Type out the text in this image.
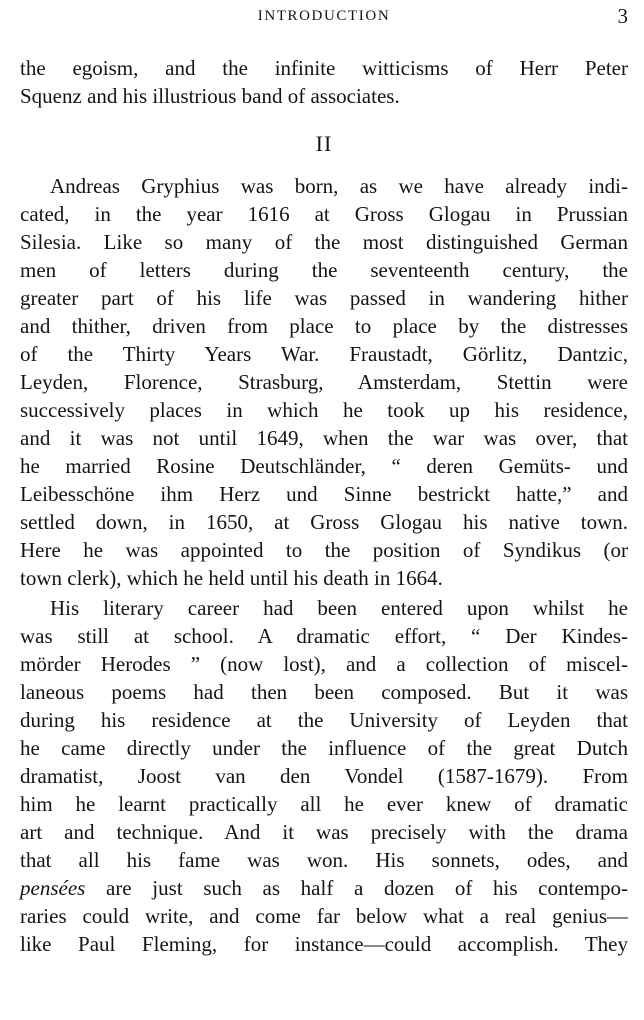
INTRODUCTION	3
the egoism, and the infinite witticisms of Herr Peter
Squenz and his illustrious band of associates.
II
Andreas Gryphius was born, as we have already indi-
cated, in the year 1616 at Gross Glogau in Prussian
Silesia. Like so many of the most distinguished German
men of letters during the seventeenth century, the
greater part of his life was passed in wandering hither
and thither, driven from place to place by the distresses
of the Thirty Years War. Fraustadt, Görlitz, Dantzic,
Leyden, Florence, Strasburg, Amsterdam, Stettin were
successively places in which he took up his residence,
and it was not until 1649, when the war was over, that
he married Rosine Deutschländer, “ deren Gemüts- und
Leibesschöne ihm Herz und Sinne bestrickt hatte,” and
settled down, in 1650, at Gross Glogau his native town.
Here he was appointed to the position of Syndikus (or
town clerk), which he held until his death in 1664.
His literary career had been entered upon whilst he
was still at school. A dramatic effort, “ Der Kindes-
mörder Herodes ” (now lost), and a collection of miscel-
laneous poems had then been composed. But it was
during his residence at the University of Leyden that
he came directly under the influence of the great Dutch
dramatist, Joost van den Vondel (1587-1679). From
him he learnt practically all he ever knew of dramatic
art and technique. And it was precisely with the drama
that all his fame was won. His sonnets, odes, and
pensées are just such as half a dozen of his contempo-
raries could write, and come far below what a real genius—
like Paul Fleming, for instance—could accomplish. They
